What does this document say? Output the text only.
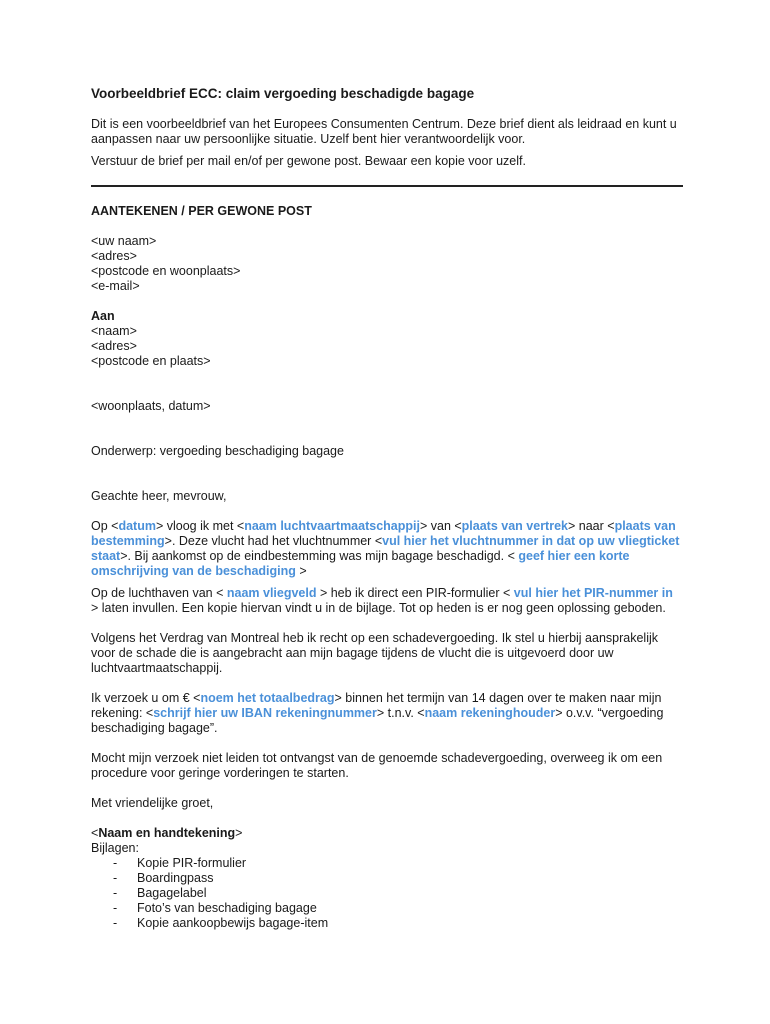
Voorbeeldbrief ECC: claim vergoeding beschadigde bagage

Dit is een voorbeeldbrief van het Europees Consumenten Centrum. Deze brief dient als leidraad en kunt u aanpassen naar uw persoonlijke situatie. Uzelf bent hier verantwoordelijk voor.

Verstuur de brief per mail en/of per gewone post. Bewaar een kopie voor uzelf.

AANTEKENEN / PER GEWONE POST

<uw naam>
<adres>
<postcode en woonplaats>
<e-mail>
Aan
<naam>
<adres>
<postcode en plaats>

<woonplaats, datum>

Onderwerp: vergoeding beschadiging bagage

Geachte heer, mevrouw,

Op <datum> vloog ik met <naam luchtvaartmaatschappij> van <plaats van vertrek> naar <plaats van bestemming>. Deze vlucht had het vluchtnummer <vul hier het vluchtnummer in dat op uw vliegticket staat>. Bij aankomst op de eindbestemming was mijn bagage beschadigd. < geef hier een korte omschrijving van de beschadiging >

Op de luchthaven van < naam vliegveld > heb ik direct een PIR-formulier < vul hier het PIR-nummer in > laten invullen. Een kopie hiervan vindt u in de bijlage. Tot op heden is er nog geen oplossing geboden.

Volgens het Verdrag van Montreal heb ik recht op een schadevergoeding. Ik stel u hierbij aansprakelijk voor de schade die is aangebracht aan mijn bagage tijdens de vlucht die is uitgevoerd door uw luchtvaartmaatschappij.

Ik verzoek u om € <noem het totaalbedrag> binnen het termijn van 14 dagen over te maken naar mijn rekening: <schrijf hier uw IBAN rekeningnummer> t.n.v. <naam rekeninghouder> o.v.v. “vergoeding beschadiging bagage”.

Mocht mijn verzoek niet leiden tot ontvangst van de genoemde schadevergoeding, overweeg ik om een procedure voor geringe vorderingen te starten.

Met vriendelijke groet,

<Naam en handtekening>

Bijlagen:

- Kopie PIR-formulier
- Boardingpass
- Bagagelabel
- Foto’s van beschadiging bagage
- Kopie aankoopbewijs bagage-item
